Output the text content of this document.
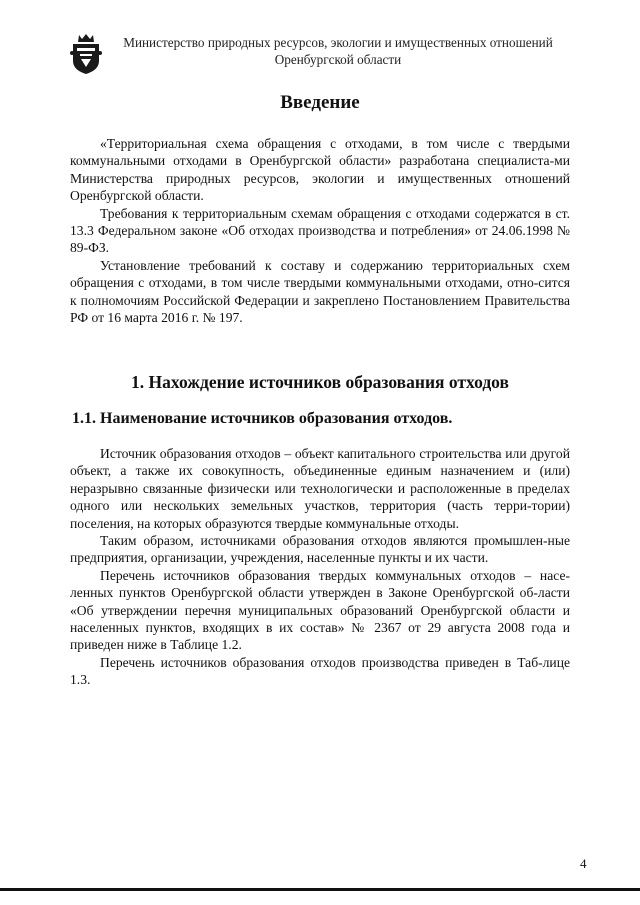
Министерство природных ресурсов, экологии и имущественных отношений
Оренбургской области
Введение

«Территориальная схема обращения с отходами, в том числе с твердыми коммунальными отходами в Оренбургской области» разработана специалиста-ми Министерства природных ресурсов, экологии и имущественных отношений Оренбургской области.

Требования к территориальным схемам обращения с отходами содержатся в ст. 13.3 Федеральном законе «Об отходах производства и потребления» от 24.06.1998 № 89-ФЗ.

Установление требований к составу и содержанию территориальных схем обращения с отходами, в том числе твердыми коммунальными отходами, отно-сится к полномочиям Российской Федерации и закреплено Постановлением Правительства РФ от 16 марта 2016 г. № 197.

1. Нахождение источников образования отходов
1.1. Наименование источников образования отходов.

Источник образования отходов – объект капитального строительства или другой объект, а также их совокупность, объединенные единым назначением и (или) неразрывно связанные физически или технологически и расположенные в пределах одного или нескольких земельных участков, территория (часть терри-тории) поселения, на которых образуются твердые коммунальные отходы.

Таким образом, источниками образования отходов являются промышлен-ные предприятия, организации, учреждения, населенные пункты и их части.

Перечень источников образования твердых коммунальных отходов – насе-ленных пунктов Оренбургской области утвержден в Законе Оренбургской об-ласти «Об утверждении перечня муниципальных образований Оренбургской области и населенных пунктов, входящих в их состав» № 2367 от 29 августа 2008 года и приведен ниже в Таблице 1.2.

Перечень источников образования отходов производства приведен в Таб-лице 1.3.

4
